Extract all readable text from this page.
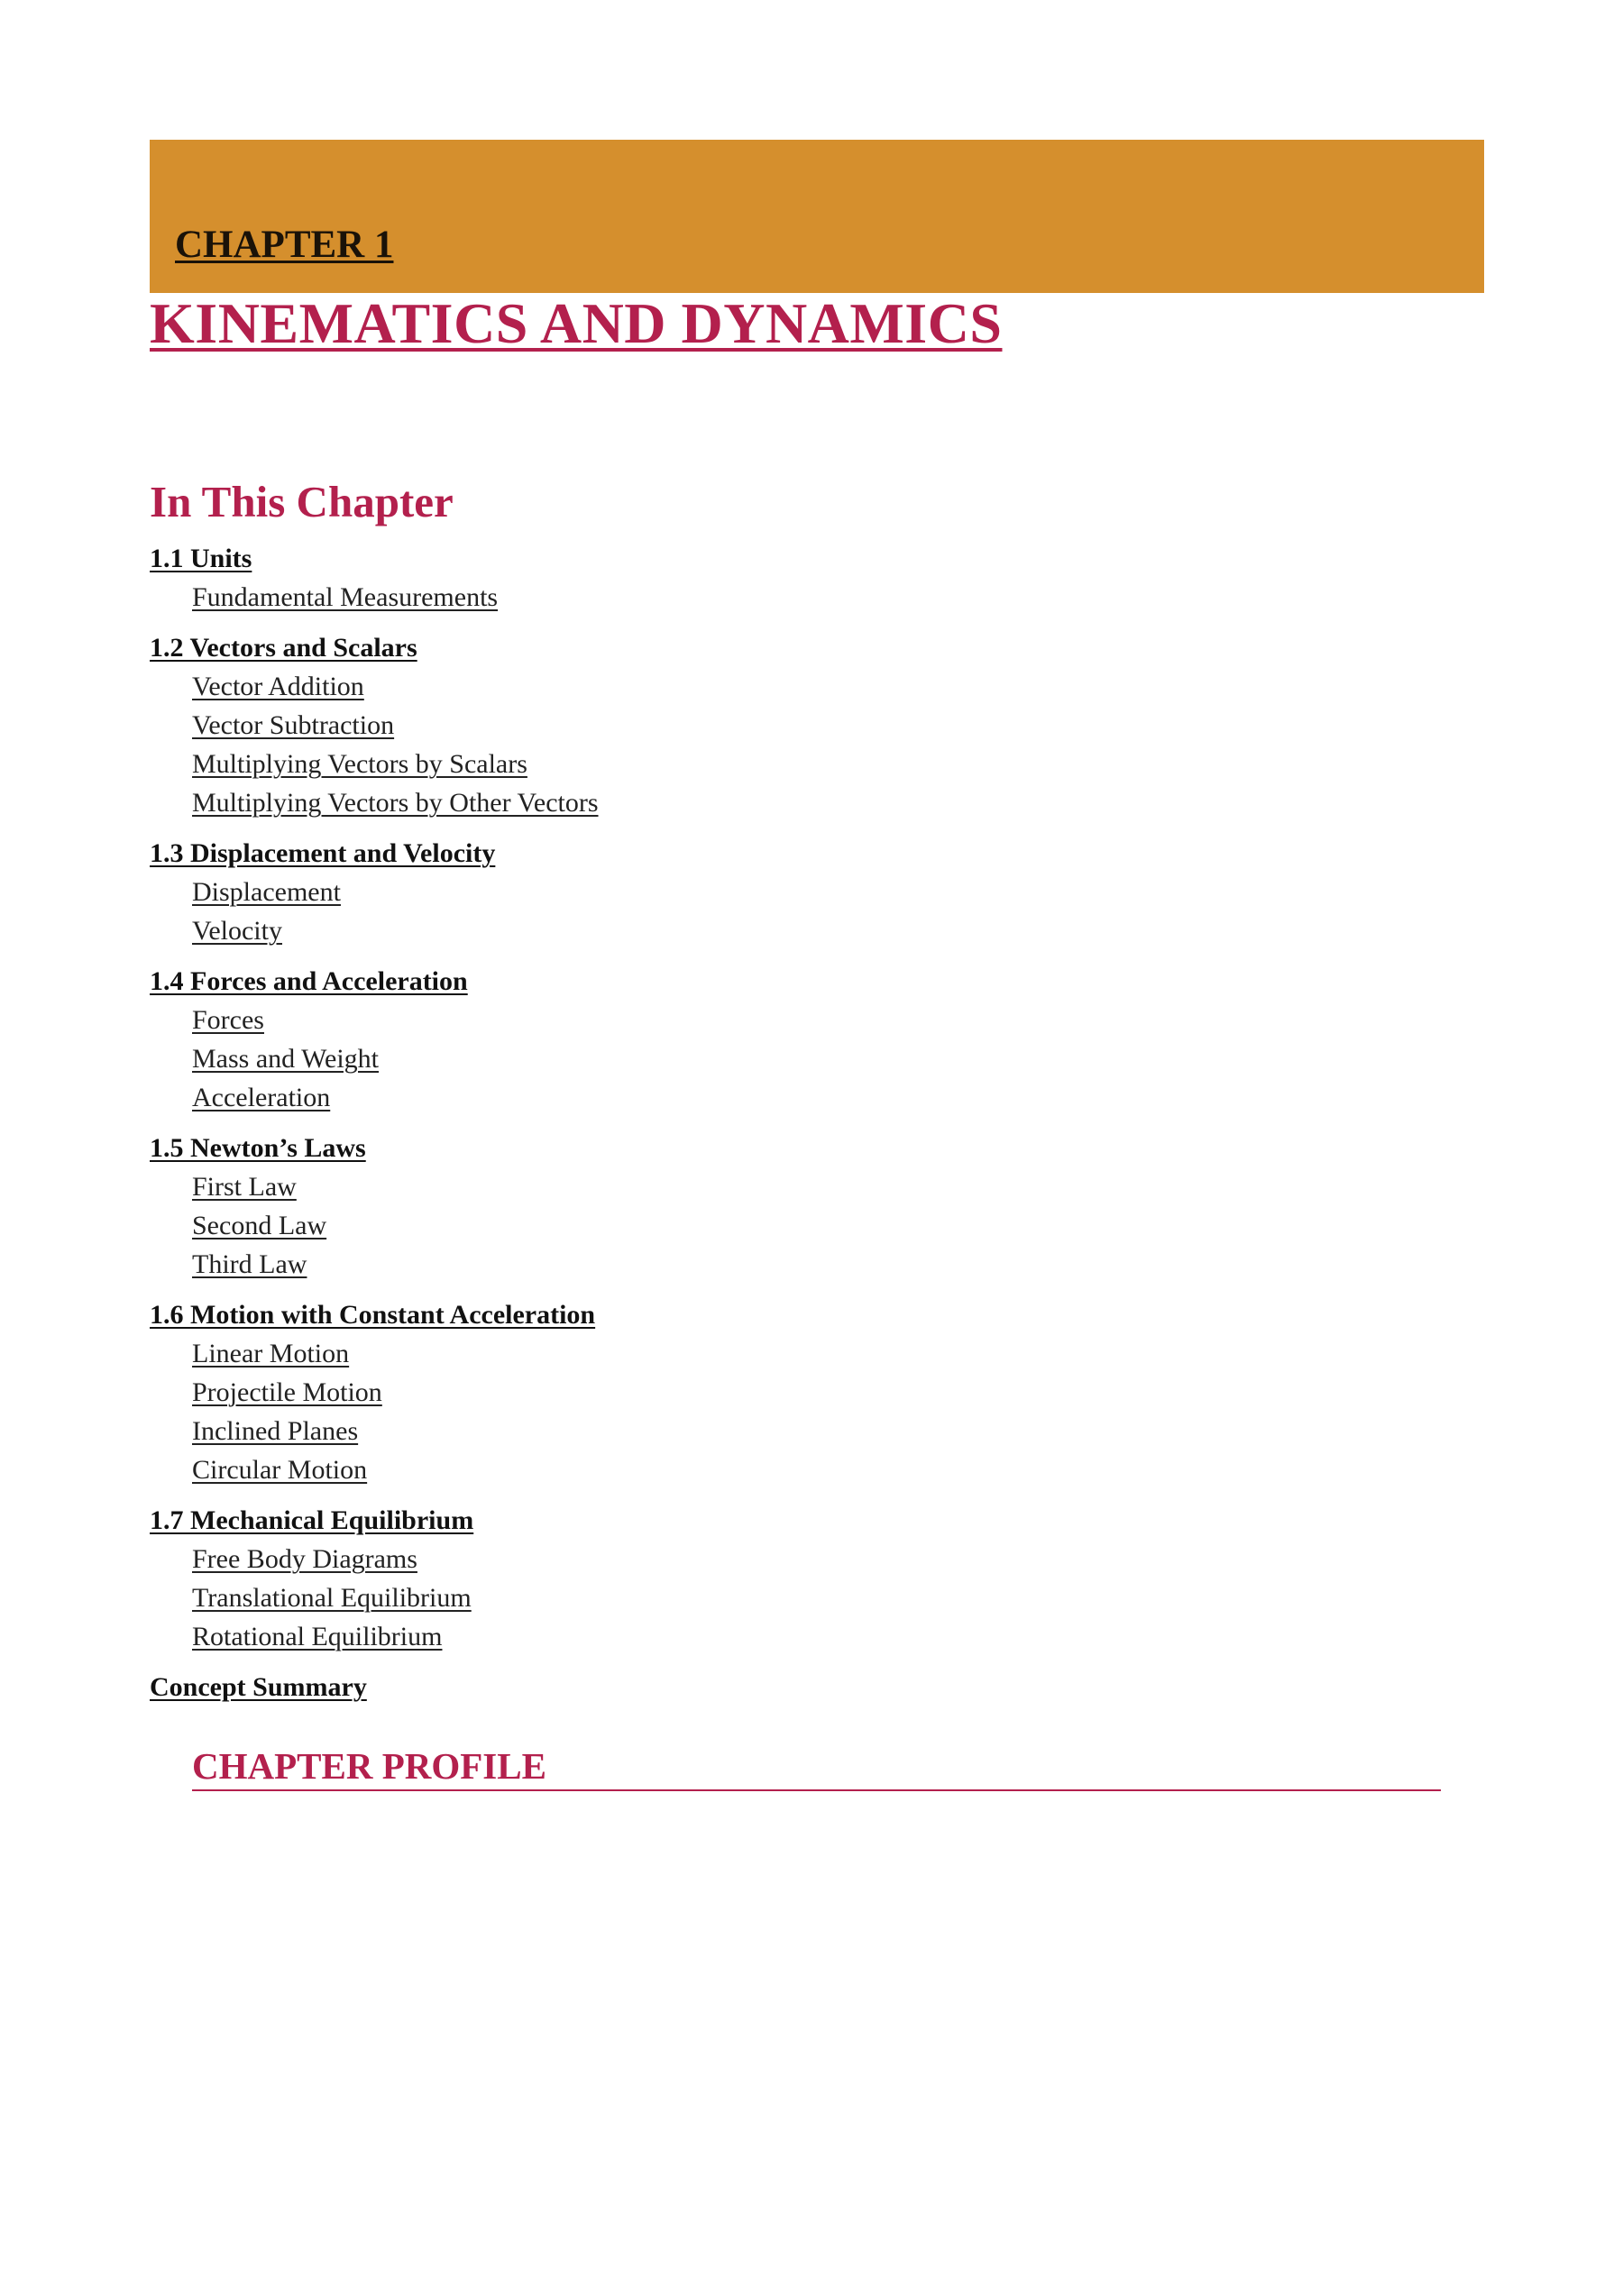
CHAPTER 1
KINEMATICS AND DYNAMICS
In This Chapter
1.1 Units
Fundamental Measurements
1.2 Vectors and Scalars
Vector Addition
Vector Subtraction
Multiplying Vectors by Scalars
Multiplying Vectors by Other Vectors
1.3 Displacement and Velocity
Displacement
Velocity
1.4 Forces and Acceleration
Forces
Mass and Weight
Acceleration
1.5 Newton’s Laws
First Law
Second Law
Third Law
1.6 Motion with Constant Acceleration
Linear Motion
Projectile Motion
Inclined Planes
Circular Motion
1.7 Mechanical Equilibrium
Free Body Diagrams
Translational Equilibrium
Rotational Equilibrium
Concept Summary
CHAPTER PROFILE
